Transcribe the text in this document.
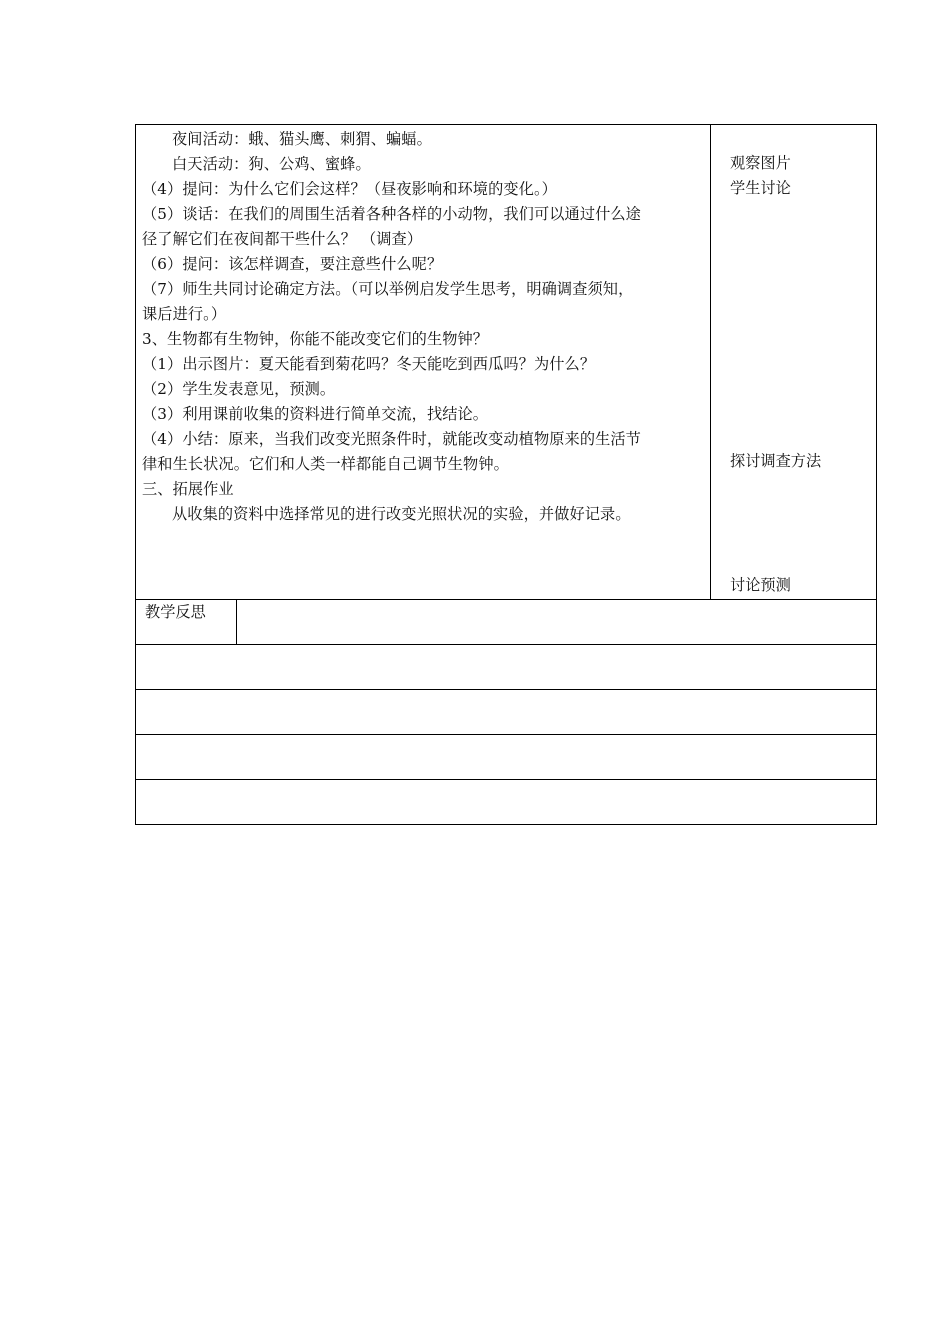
夜间活动：蛾、猫头鹰、刺猬、蝙蝠。
白天活动：狗、公鸡、蜜蜂。
（4）提问：为什么它们会这样？（昼夜影响和环境的变化。）
（5）谈话：在我们的周围生活着各种各样的小动物，我们可以通过什么途
径了解它们在夜间都干些什么？ （调查）
（6）提问：该怎样调查，要注意些什么呢？
（7）师生共同讨论确定方法。（可以举例启发学生思考，明确调查须知，
课后进行。）
3、生物都有生物钟，你能不能改变它们的生物钟？
（1）出示图片：夏天能看到菊花吗？冬天能吃到西瓜吗？为什么？
（2）学生发表意见，预测。
（3）利用课前收集的资料进行简单交流，找结论。
（4）小结：原来，当我们改变光照条件时，就能改变动植物原来的生活节
律和生长状况。它们和人类一样都能自己调节生物钟。
三、拓展作业
从收集的资料中选择常见的进行改变光照状况的实验，并做好记录。
观察图片
学生讨论
探讨调查方法
讨论预测
教学反思
